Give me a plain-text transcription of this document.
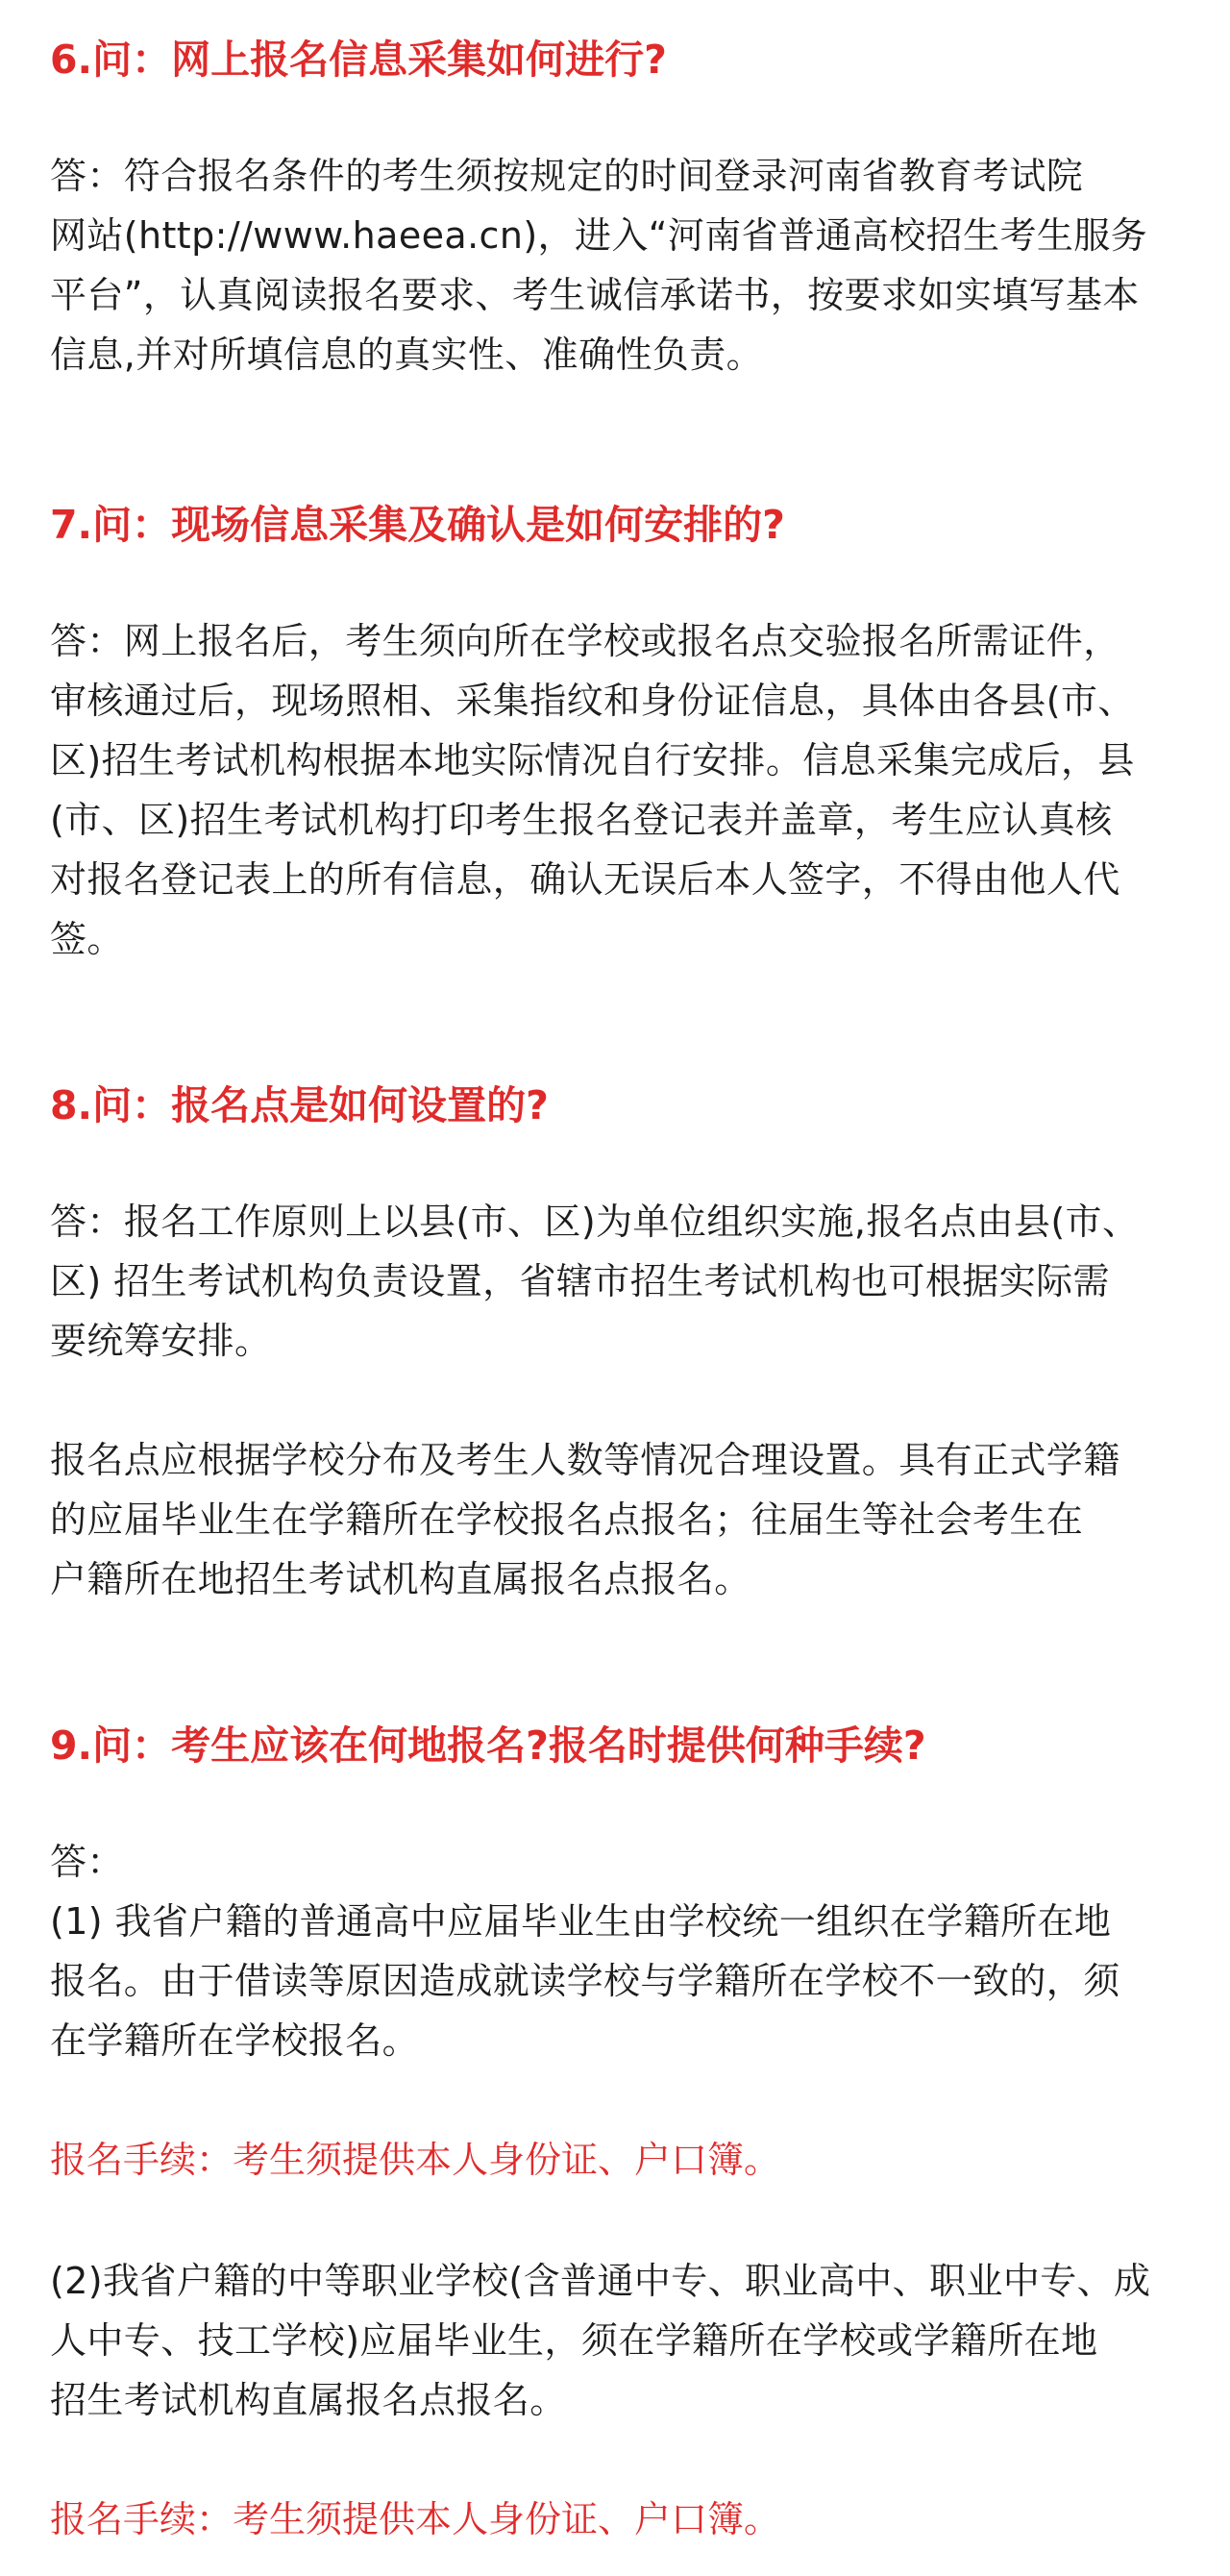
6.问：网上报名信息采集如何进行?

答：符合报名条件的考生须按规定的时间登录河南省教育考试院
网站(http://www.haeea.cn)，进入“河南省普通高校招生考生服务
平台”，认真阅读报名要求、考生诚信承诺书，按要求如实填写基本
信息,并对所填信息的真实性、准确性负责。

7.问：现场信息采集及确认是如何安排的?

答：网上报名后，考生须向所在学校或报名点交验报名所需证件，
审核通过后，现场照相、采集指纹和身份证信息，具体由各县(市、
区)招生考试机构根据本地实际情况自行安排。信息采集完成后，县
(市、区)招生考试机构打印考生报名登记表并盖章，考生应认真核
对报名登记表上的所有信息，确认无误后本人签字，不得由他人代
签。

8.问：报名点是如何设置的?

答：报名工作原则上以县(市、区)为单位组织实施,报名点由县(市、
区) 招生考试机构负责设置，省辖市招生考试机构也可根据实际需
要统筹安排。

报名点应根据学校分布及考生人数等情况合理设置。具有正式学籍
的应届毕业生在学籍所在学校报名点报名；往届生等社会考生在
户籍所在地招生考试机构直属报名点报名。

9.问：考生应该在何地报名?报名时提供何种手续?

答：
(1) 我省户籍的普通高中应届毕业生由学校统一组织在学籍所在地
报名。由于借读等原因造成就读学校与学籍所在学校不一致的，须
在学籍所在学校报名。

报名手续：考生须提供本人身份证、户口簿。

(2)我省户籍的中等职业学校(含普通中专、职业高中、职业中专、成
人中专、技工学校)应届毕业生，须在学籍所在学校或学籍所在地
招生考试机构直属报名点报名。

报名手续：考生须提供本人身份证、户口簿。
